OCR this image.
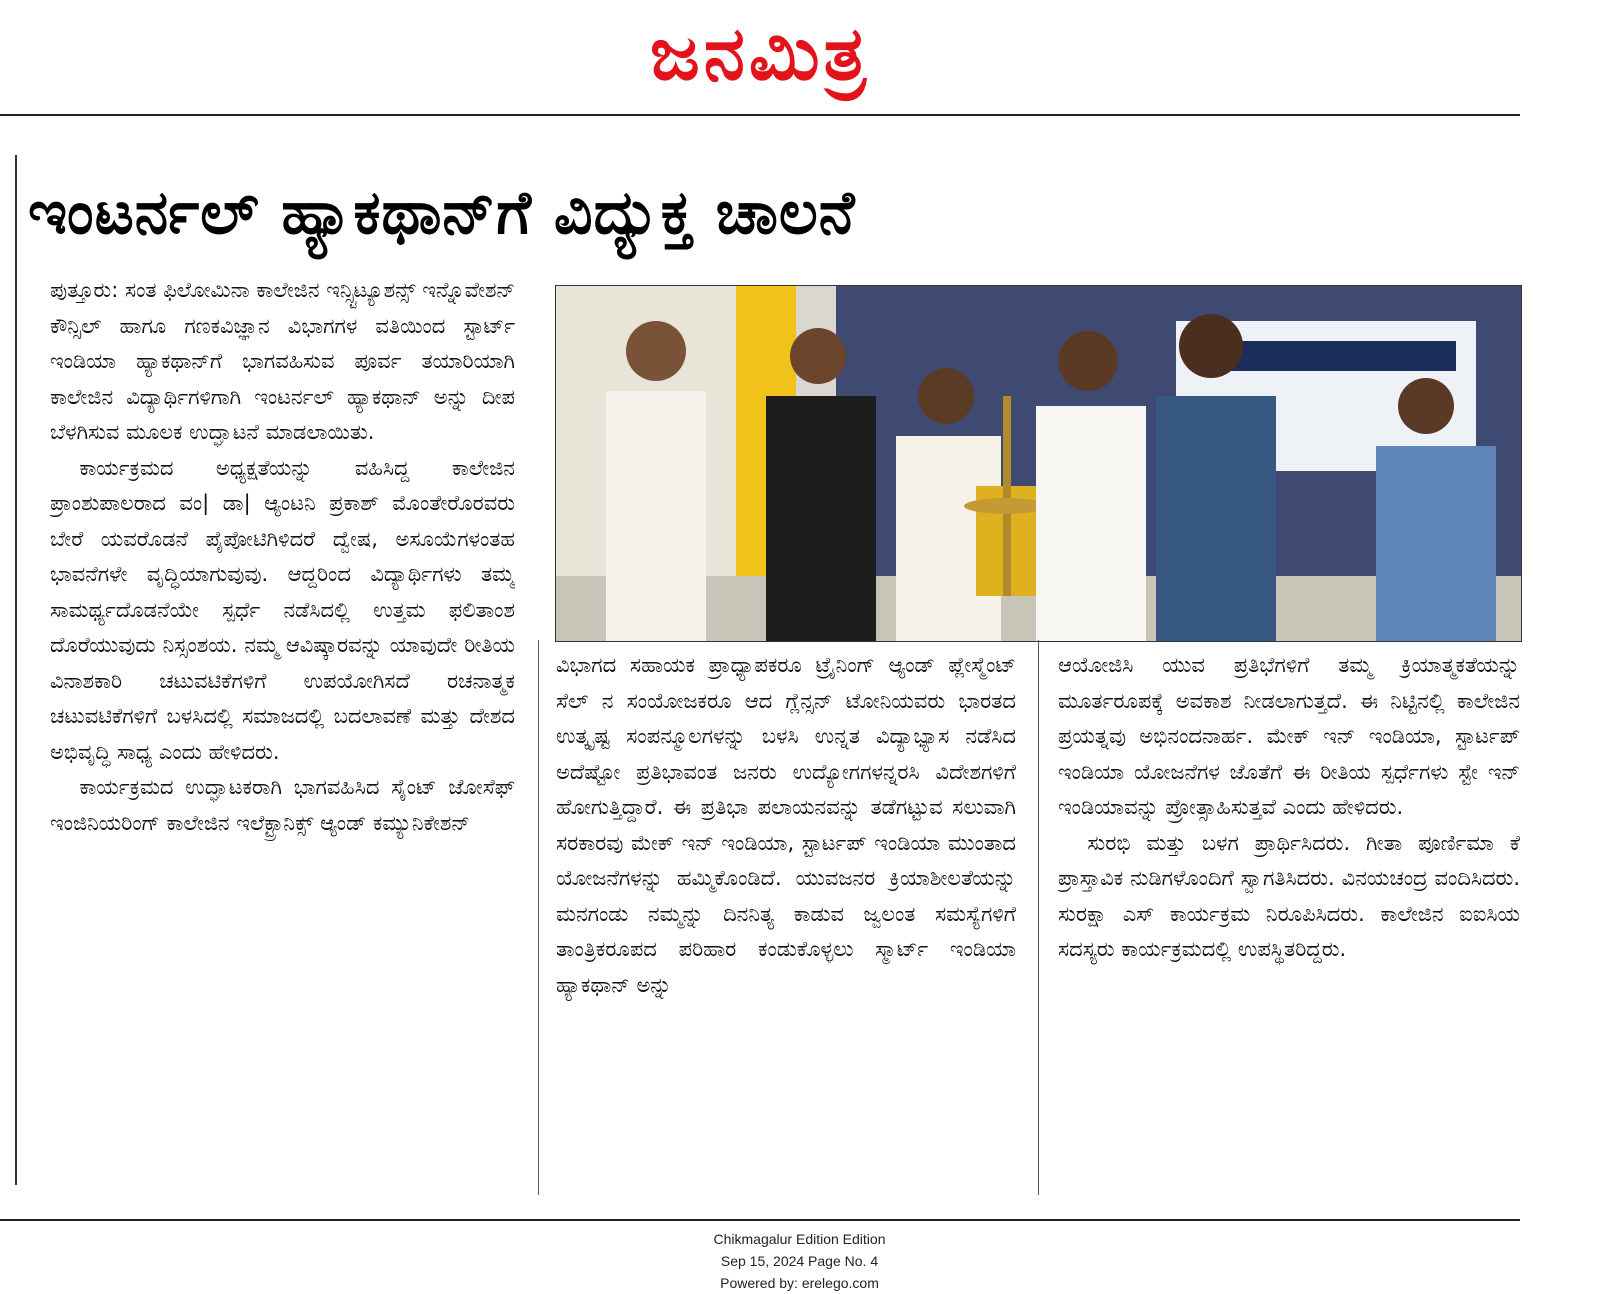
ಜನಮಿತ್ರ
ಇಂಟರ್ನಲ್ ಹ್ಯಾಕಥಾನ್‌ಗೆ ವಿದ್ಯುಕ್ತ ಚಾಲನೆ

ಪುತ್ತೂರು: ಸಂತ ಫಿಲೋಮಿನಾ ಕಾಲೇಜಿನ ಇನ್ಸ್ಟಿಟ್ಯೂಶನ್ಸ್ ಇನ್ನೊವೇಶನ್ ಕೌನ್ಸಿಲ್ ಹಾಗೂ ಗಣಕವಿಜ್ಞಾನ ವಿಭಾಗಗಳ ವತಿಯಿಂದ ಸ್ಟಾರ್ಟ್ ಇಂಡಿಯಾ ಹ್ಯಾಕಥಾನ್‌ಗೆ ಭಾಗವಹಿಸುವ ಪೂರ್ವ ತಯಾರಿಯಾಗಿ ಕಾಲೇಜಿನ ವಿದ್ಯಾರ್ಥಿಗಳಿಗಾಗಿ ಇಂಟರ್ನಲ್ ಹ್ಯಾಕಥಾನ್ ಅನ್ನು ದೀಪ ಬೆಳಗಿಸುವ ಮೂಲಕ ಉದ್ಘಾಟನೆ ಮಾಡಲಾಯಿತು.

ಕಾರ್ಯಕ್ರಮದ ಅಧ್ಯಕ್ಷತೆಯನ್ನು ವಹಿಸಿದ್ದ ಕಾಲೇಜಿನ ಪ್ರಾಂಶುಪಾಲರಾದ ವಂ| ಡಾ| ಆ್ಯಂಟನಿ ಪ್ರಕಾಶ್ ಮೊಂತೇರೊರವರು ಬೇರೆ ಯವರೊಡನೆ ಪೈಪೋಟಿಗಿಳಿದರೆ ದ್ವೇಷ, ಅಸೂಯೆಗಳಂತಹ ಭಾವನೆಗಳೇ ವೃದ್ಧಿಯಾಗುವುವು. ಆದ್ದರಿಂದ ವಿದ್ಯಾರ್ಥಿಗಳು ತಮ್ಮ ಸಾಮರ್ಥ್ಯದೊಡನೆಯೇ ಸ್ಪರ್ಧೆ ನಡೆಸಿದಲ್ಲಿ ಉತ್ತಮ ಫಲಿತಾಂಶ ದೊರೆಯುವುದು ನಿಸ್ಸಂಶಯ. ನಮ್ಮ ಆವಿಷ್ಕಾರವನ್ನು ಯಾವುದೇ ರೀತಿಯ ವಿನಾಶಕಾರಿ ಚಟುವಟಿಕೆಗಳಿಗೆ ಉಪಯೋಗಿಸದೆ ರಚನಾತ್ಮಕ ಚಟುವಟಿಕೆಗಳಿಗೆ ಬಳಸಿದಲ್ಲಿ ಸಮಾಜದಲ್ಲಿ ಬದಲಾವಣೆ ಮತ್ತು ದೇಶದ ಅಭಿವೃದ್ಧಿ ಸಾಧ್ಯ ಎಂದು ಹೇಳಿದರು.

ಕಾರ್ಯಕ್ರಮದ ಉದ್ಘಾಟಕರಾಗಿ ಭಾಗವಹಿಸಿದ ಸೈಂಟ್ ಜೋಸೆಫ್ ಇಂಜಿನಿಯರಿಂಗ್ ಕಾಲೇಜಿನ ಇಲೆಕ್ಟ್ರಾನಿಕ್ಸ್ ಆ್ಯಂಡ್ ಕಮ್ಯುನಿಕೇಶನ್

ವಿಭಾಗದ ಸಹಾಯಕ ಪ್ರಾಧ್ಯಾಪಕರೂ ಟ್ರೈನಿಂಗ್ ಆ್ಯಂಡ್ ಪ್ಲೇಸ್ಮೆಂಟ್ ಸೆಲ್ ನ ಸಂಯೋಜಕರೂ ಆದ ಗ್ಲೆನ್ಸನ್ ಟೋನಿಯವರು ಭಾರತದ ಉತ್ಕೃಷ್ಟ ಸಂಪನ್ಮೂಲಗಳನ್ನು ಬಳಸಿ ಉನ್ನತ ವಿದ್ಯಾಭ್ಯಾಸ ನಡೆಸಿದ ಅದೆಷ್ಟೋ ಪ್ರತಿಭಾವಂತ ಜನರು ಉದ್ಯೋಗಗಳನ್ನರಸಿ ವಿದೇಶಗಳಿಗೆ ಹೋಗುತ್ತಿದ್ದಾರೆ. ಈ ಪ್ರತಿಭಾ ಪಲಾಯನವನ್ನು ತಡೆಗಟ್ಟುವ ಸಲುವಾಗಿ ಸರಕಾರವು ಮೇಕ್ ಇನ್ ಇಂಡಿಯಾ, ಸ್ಟಾರ್ಟಪ್ ಇಂಡಿಯಾ ಮುಂತಾದ ಯೋಜನೆಗಳನ್ನು ಹಮ್ಮಿಕೊಂಡಿದೆ. ಯುವಜನರ ಕ್ರಿಯಾಶೀಲತೆಯನ್ನು ಮನಗಂಡು ನಮ್ಮನ್ನು ದಿನನಿತ್ಯ ಕಾಡುವ ಜ್ವಲಂತ ಸಮಸ್ಯೆಗಳಿಗೆ ತಾಂತ್ರಿಕರೂಪದ ಪರಿಹಾರ ಕಂಡುಕೊಳ್ಳಲು ಸ್ಮಾರ್ಟ್ ಇಂಡಿಯಾ ಹ್ಯಾಕಥಾನ್ ಅನ್ನು

ಆಯೋಜಿಸಿ ಯುವ ಪ್ರತಿಭೆಗಳಿಗೆ ತಮ್ಮ ಕ್ರಿಯಾತ್ಮಕತೆಯನ್ನು ಮೂರ್ತರೂಪಕ್ಕೆ ಅವಕಾಶ ನೀಡಲಾಗುತ್ತದೆ. ಈ ನಿಟ್ಟಿನಲ್ಲಿ ಕಾಲೇಜಿನ ಪ್ರಯತ್ನವು ಅಭಿನಂದನಾರ್ಹ. ಮೇಕ್ ಇನ್ ಇಂಡಿಯಾ, ಸ್ಟಾರ್ಟಪ್ ಇಂಡಿಯಾ ಯೋಜನೆಗಳ ಜೊತೆಗೆ ಈ ರೀತಿಯ ಸ್ಪರ್ಧೆಗಳು ಸ್ಟೇ ಇನ್ ಇಂಡಿಯಾವನ್ನು ಪ್ರೋತ್ಸಾಹಿಸುತ್ತವೆ ಎಂದು ಹೇಳಿದರು.

ಸುರಭಿ ಮತ್ತು ಬಳಗ ಪ್ರಾರ್ಥಿಸಿದರು. ಗೀತಾ ಪೂರ್ಣಿಮಾ ಕೆ ಪ್ರಾಸ್ತಾವಿಕ ನುಡಿಗಳೊಂದಿಗೆ ಸ್ವಾಗತಿಸಿದರು. ವಿನಯಚಂದ್ರ ವಂದಿಸಿದರು. ಸುರಕ್ಷಾ ಎಸ್ ಕಾರ್ಯಕ್ರಮ ನಿರೂಪಿಸಿದರು. ಕಾಲೇಜಿನ ಐಐಸಿಯ ಸದಸ್ಯರು ಕಾರ್ಯಕ್ರಮದಲ್ಲಿ ಉಪಸ್ಥಿತರಿದ್ದರು.

Chikmagalur Edition Edition
Sep 15, 2024 Page No. 4
Powered by: erelego.com
